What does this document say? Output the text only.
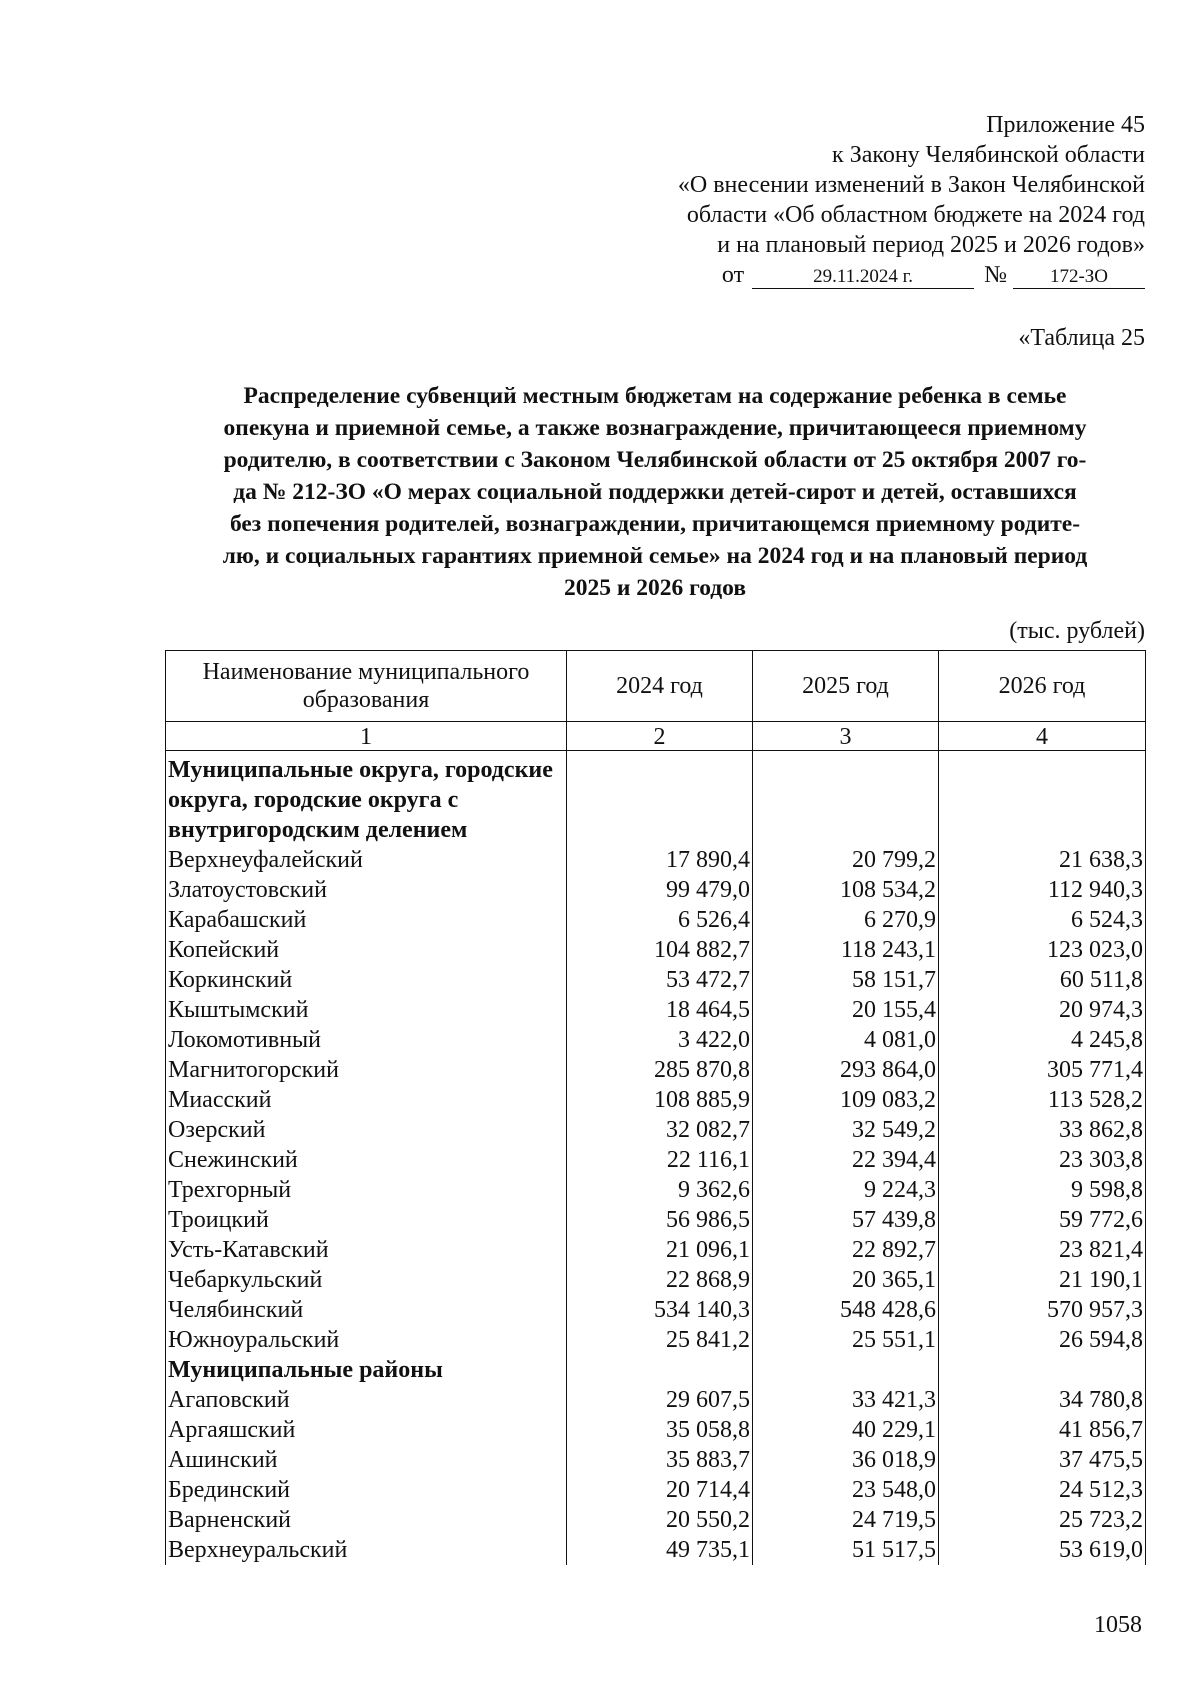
Приложение 45
к Закону Челябинской области
«О внесении изменений в Закон Челябинской
области «Об областном бюджете на 2024 год
и на плановый период 2025 и 2026 годов»
от	29.11.2024 г.	№ 172-ЗО
«Таблица 25
Распределение субвенций местным бюджетам на содержание ребенка в семье
опекуна и приемной семье, а также вознаграждение, причитающееся приемному
родителю, в соответствии с Законом Челябинской области от 25 октября 2007 го-
да № 212-ЗО «О мерах социальной поддержки детей-сирот и детей, оставшихся
без попечения родителей, вознаграждении, причитающемся приемному родите-
лю, и социальных гарантиях приемной семье» на 2024 год и на плановый период
2025 и 2026 годов
(тыс. рублей)
Наименование муниципального образования	2024 год	2025 год	2026 год
1	2	3	4

Муниципальные округа, городские округа, городские округа с внутригородским делением			
Верхнеуфалейский	17 890,4	20 799,2	21 638,3
Златоустовский	99 479,0	108 534,2	112 940,3
Карабашский	6 526,4	6 270,9	6 524,3
Копейский	104 882,7	118 243,1	123 023,0
Коркинский	53 472,7	58 151,7	60 511,8
Кыштымский	18 464,5	20 155,4	20 974,3
Локомотивный	3 422,0	4 081,0	4 245,8
Магнитогорский	285 870,8	293 864,0	305 771,4
Миасский	108 885,9	109 083,2	113 528,2
Озерский	32 082,7	32 549,2	33 862,8
Снежинский	22 116,1	22 394,4	23 303,8
Трехгорный	9 362,6	9 224,3	9 598,8
Троицкий	56 986,5	57 439,8	59 772,6
Усть-Катавский	21 096,1	22 892,7	23 821,4
Чебаркульский	22 868,9	20 365,1	21 190,1
Челябинский	534 140,3	548 428,6	570 957,3
Южноуральский	25 841,2	25 551,1	26 594,8
Муниципальные районы			
Агаповский	29 607,5	33 421,3	34 780,8
Аргаяшский	35 058,8	40 229,1	41 856,7
Ашинский	35 883,7	36 018,9	37 475,5
Брединский	20 714,4	23 548,0	24 512,3
Варненский	20 550,2	24 719,5	25 723,2
Верхнеуральский	49 735,1	51 517,5	53 619,0
1058
